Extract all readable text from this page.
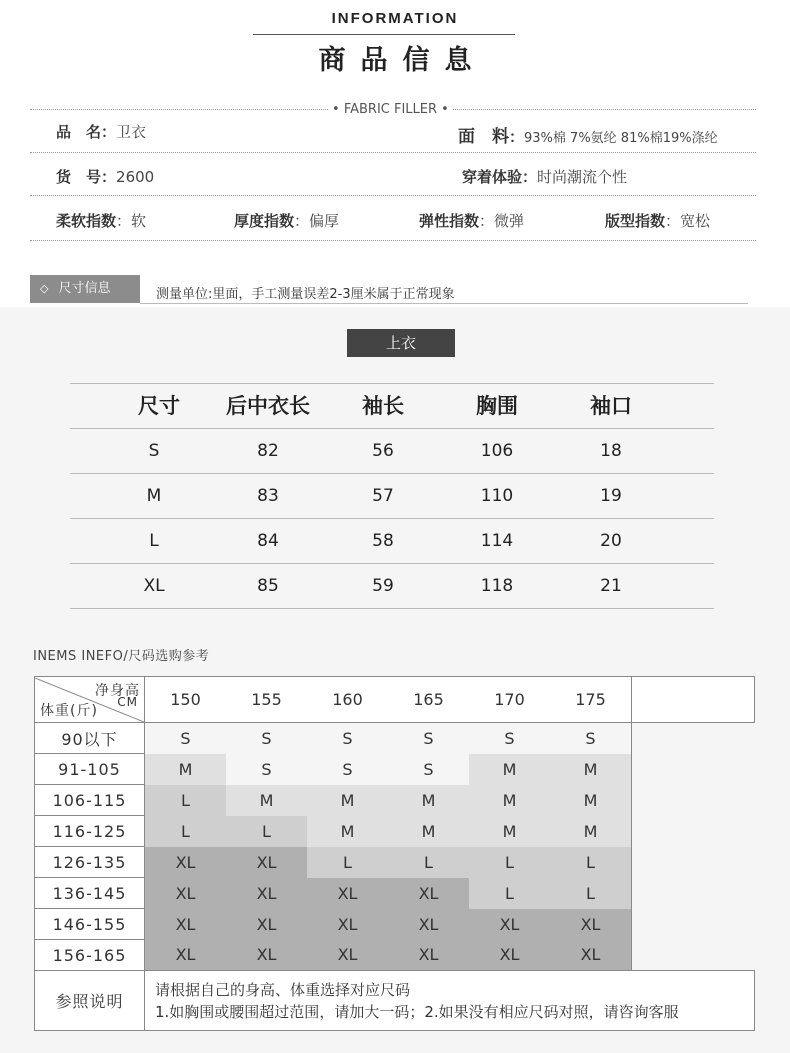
INFORMATION
商品信息
• FABRIC FILLER •
品　名：卫衣	面　料：93%棉 7%氨纶 81%棉19%涤纶
货　号：2600	穿着体验：时尚潮流个性
柔软指数：软	厚度指数：偏厚	弹性指数：微弹	版型指数：宽松
◇ 尺寸信息	测量单位:里面，手工测量误差2-3厘米属于正常现象
上衣
尺寸	后中衣长	袖长	胸围	袖口
S	82	56	106	18
M	83	57	110	19
L	84	58	114	20
XL	85	59	118	21
INEMS INEFO/尺码选购参考
净身高
CM
体重(斤)	150	155	160	165	170	175	
90以下	S	S	S	S	S	S	
91-105	M	S	S	S	M	M	
106-115	L	M	M	M	M	M	
116-125	L	L	M	M	M	M	
126-135	XL	XL	L	L	L	L	
136-145	XL	XL	XL	XL	L	L	
146-155	XL	XL	XL	XL	XL	XL	
156-165	XL	XL	XL	XL	XL	XL	
参照说明	请根据自己的身高、体重选择对应尺码
1.如胸围或腰围超过范围，请加大一码；2.如果没有相应尺码对照，请咨询客服						
